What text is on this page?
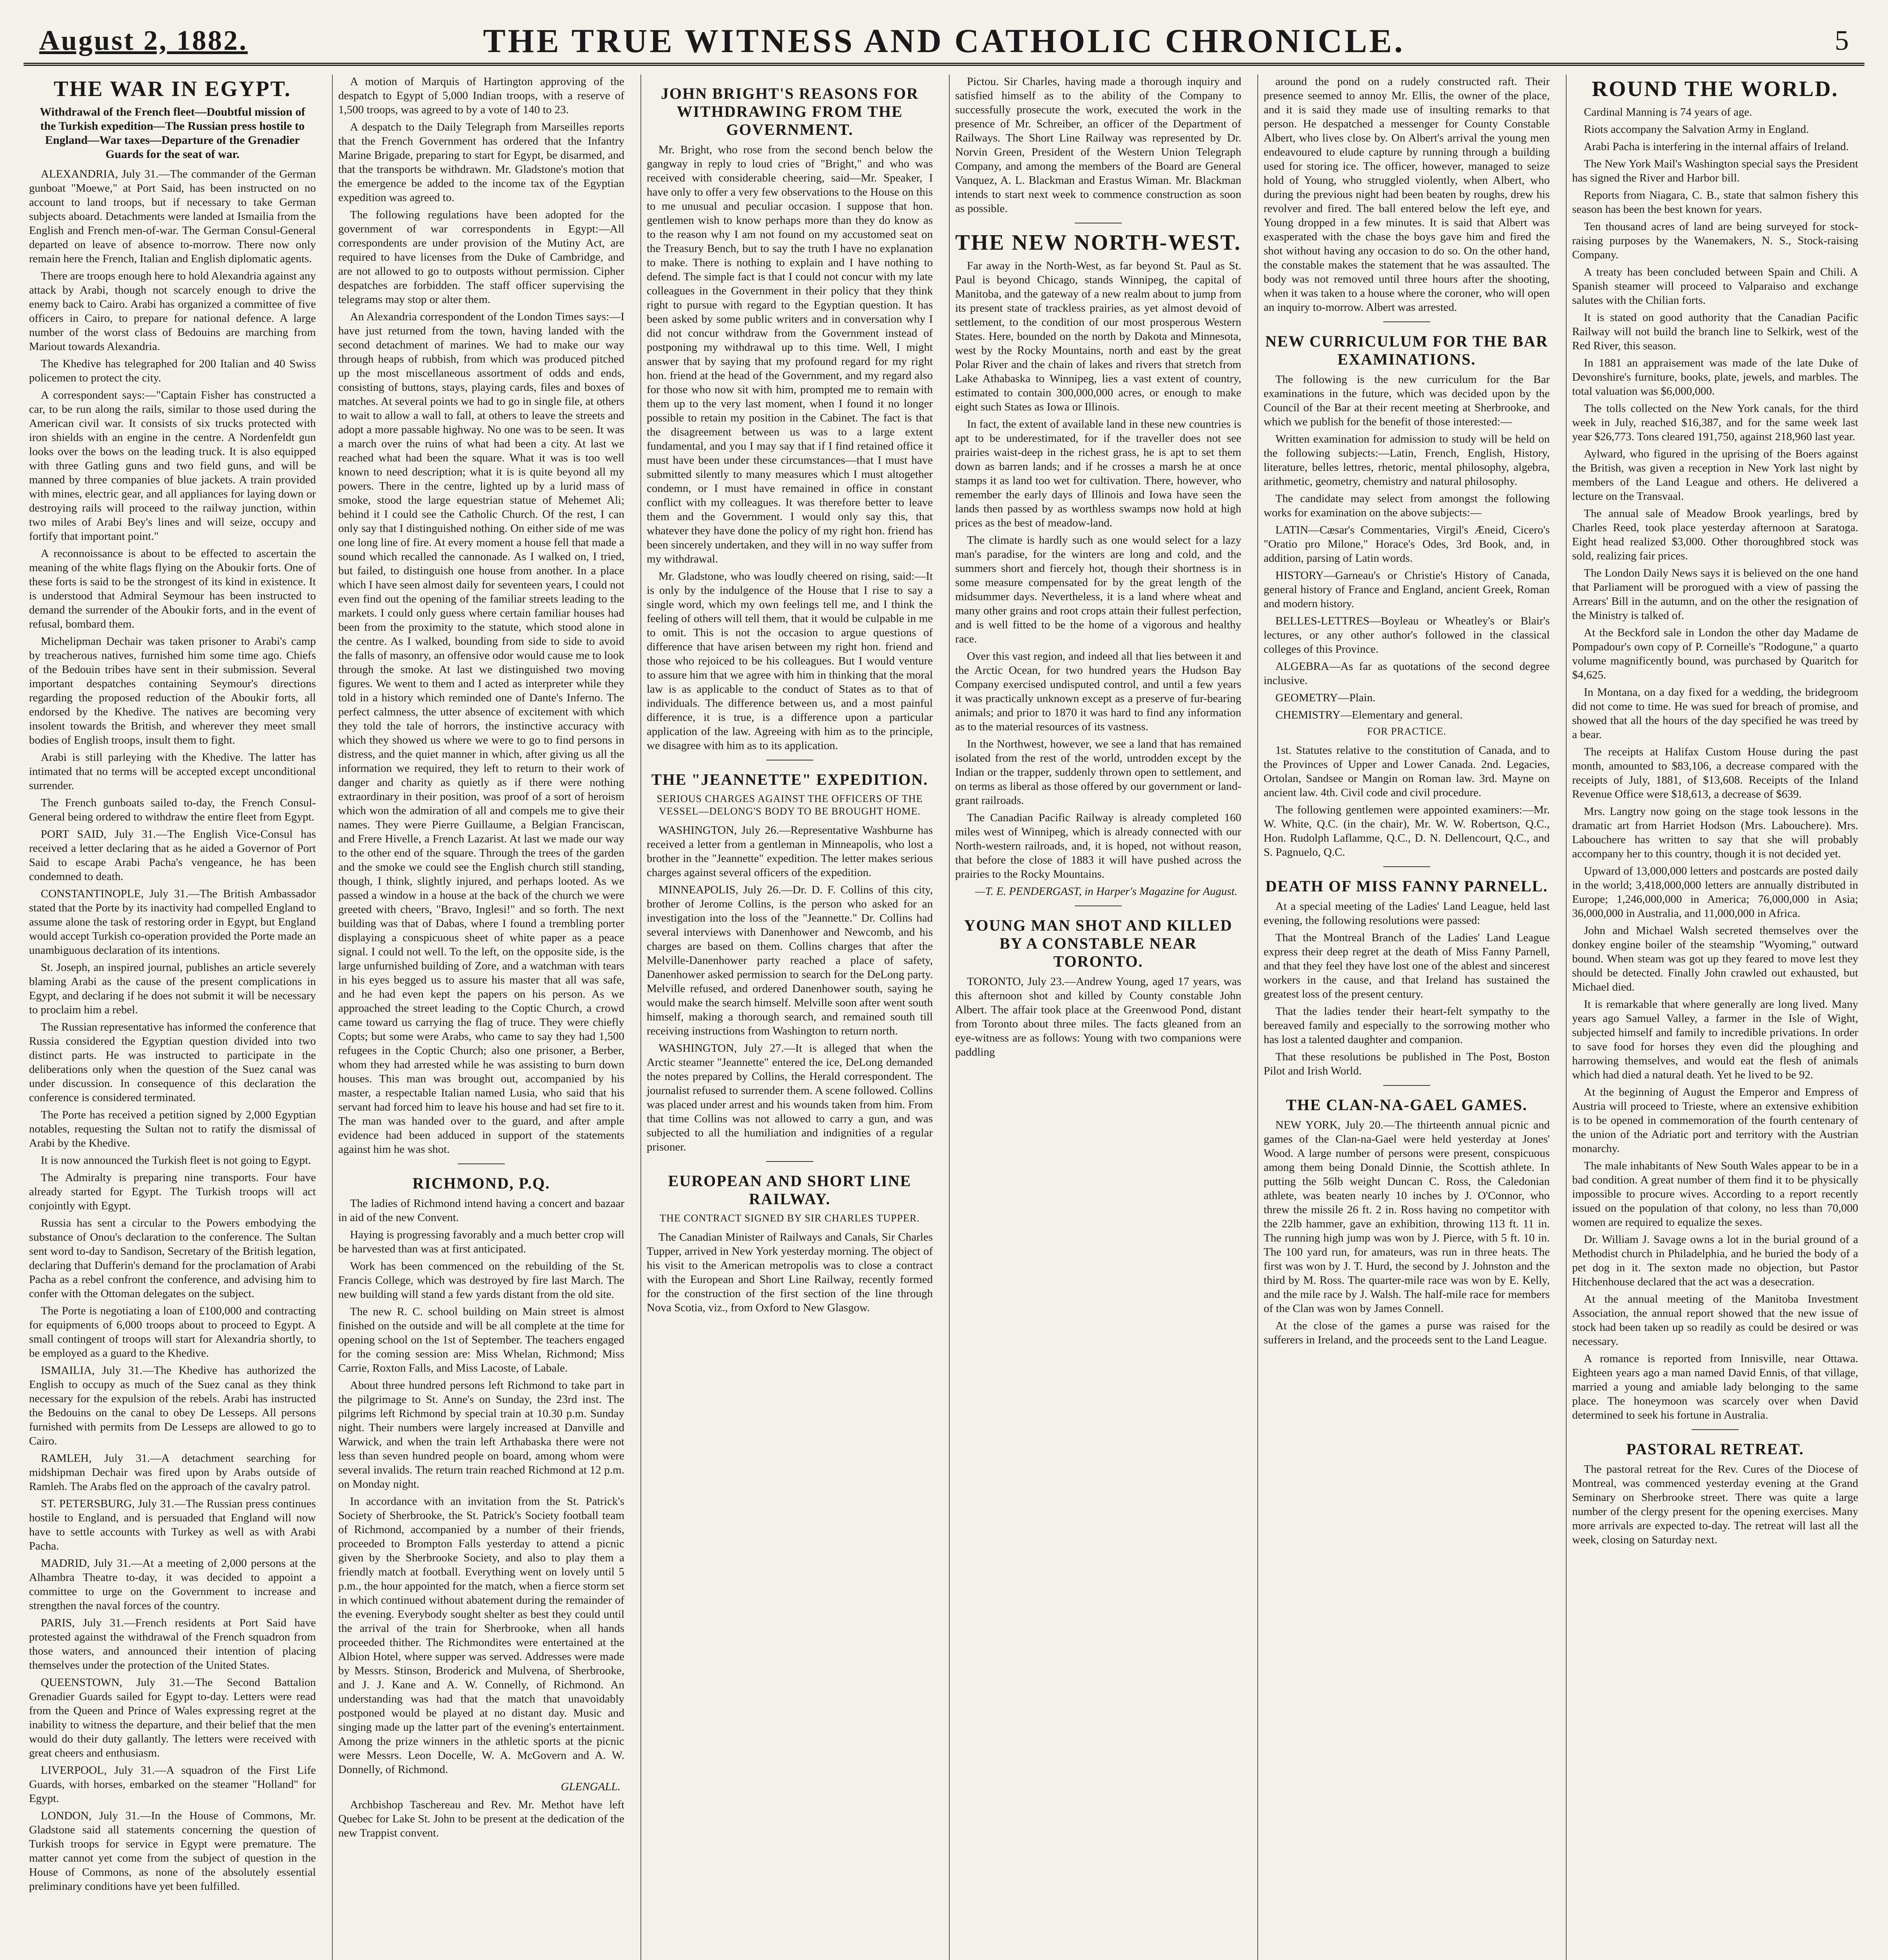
August 2, 1882.	THE TRUE WITNESS AND CATHOLIC CHRONICLE.	5
THE WAR IN EGYPT.
Withdrawal of the French fleet—Doubtful mission of the Turkish expedition—The Russian press hostile to England—War taxes—Departure of the Grenadier Guards for the seat of war.

ALEXANDRIA, July 31.—The commander of the German gunboat "Moewe," at Port Said, has been instructed on no account to land troops, but if necessary to take German subjects aboard. Detachments were landed at Ismailia from the English and French men-of-war. The German Consul-General departed on leave of absence to-morrow. There now only remain here the French, Italian and English diplomatic agents.

There are troops enough here to hold Alexandria against any attack by Arabi, though not scarcely enough to drive the enemy back to Cairo. Arabi has organized a committee of five officers in Cairo, to prepare for national defence. A large number of the worst class of Bedouins are marching from Mariout towards Alexandria.

The Khedive has telegraphed for 200 Italian and 40 Swiss policemen to protect the city.

A correspondent says:—"Captain Fisher has constructed a car, to be run along the rails, similar to those used during the American civil war. It consists of six trucks protected with iron shields with an engine in the centre. A Nordenfeldt gun looks over the bows on the leading truck. It is also equipped with three Gatling guns and two field guns, and will be manned by three companies of blue jackets. A train provided with mines, electric gear, and all appliances for laying down or destroying rails will proceed to the railway junction, within two miles of Arabi Bey's lines and will seize, occupy and fortify that important point."

A reconnoissance is about to be effected to ascertain the meaning of the white flags flying on the Aboukir forts. One of these forts is said to be the strongest of its kind in existence. It is understood that Admiral Seymour has been instructed to demand the surrender of the Aboukir forts, and in the event of refusal, bombard them.

Michelipman Dechair was taken prisoner to Arabi's camp by treacherous natives, furnished him some time ago. Chiefs of the Bedouin tribes have sent in their submission. Several important despatches containing Seymour's directions regarding the proposed reduction of the Aboukir forts, all endorsed by the Khedive. The natives are becoming very insolent towards the British, and wherever they meet small bodies of English troops, insult them to fight.

Arabi is still parleying with the Khedive. The latter has intimated that no terms will be accepted except unconditional surrender.

The French gunboats sailed to-day, the French Consul-General being ordered to withdraw the entire fleet from Egypt.

PORT SAID, July 31.—The English Vice-Consul has received a letter declaring that as he aided a Governor of Port Said to escape Arabi Pacha's vengeance, he has been condemned to death.

CONSTANTINOPLE, July 31.—The British Ambassador stated that the Porte by its inactivity had compelled England to assume alone the task of restoring order in Egypt, but England would accept Turkish co-operation provided the Porte made an unambiguous declaration of its intentions.

St. Joseph, an inspired journal, publishes an article severely blaming Arabi as the cause of the present complications in Egypt, and declaring if he does not submit it will be necessary to proclaim him a rebel.

The Russian representative has informed the conference that Russia considered the Egyptian question divided into two distinct parts. He was instructed to participate in the deliberations only when the question of the Suez canal was under discussion. In consequence of this declaration the conference is considered terminated.

The Porte has received a petition signed by 2,000 Egyptian notables, requesting the Sultan not to ratify the dismissal of Arabi by the Khedive.

It is now announced the Turkish fleet is not going to Egypt.

The Admiralty is preparing nine transports. Four have already started for Egypt. The Turkish troops will act conjointly with Egypt.

Russia has sent a circular to the Powers embodying the substance of Onou's declaration to the conference. The Sultan sent word to-day to Sandison, Secretary of the British legation, declaring that Dufferin's demand for the proclamation of Arabi Pacha as a rebel confront the conference, and advising him to confer with the Ottoman delegates on the subject.

The Porte is negotiating a loan of £100,000 and contracting for equipments of 6,000 troops about to proceed to Egypt. A small contingent of troops will start for Alexandria shortly, to be employed as a guard to the Khedive.

ISMAILIA, July 31.—The Khedive has authorized the English to occupy as much of the Suez canal as they think necessary for the expulsion of the rebels. Arabi has instructed the Bedouins on the canal to obey De Lesseps. All persons furnished with permits from De Lesseps are allowed to go to Cairo.

RAMLEH, July 31.—A detachment searching for midshipman Dechair was fired upon by Arabs outside of Ramleh. The Arabs fled on the approach of the cavalry patrol.

ST. PETERSBURG, July 31.—The Russian press continues hostile to England, and is persuaded that England will now have to settle accounts with Turkey as well as with Arabi Pacha.

MADRID, July 31.—At a meeting of 2,000 persons at the Alhambra Theatre to-day, it was decided to appoint a committee to urge on the Government to increase and strengthen the naval forces of the country.

PARIS, July 31.—French residents at Port Said have protested against the withdrawal of the French squadron from those waters, and announced their intention of placing themselves under the protection of the United States.

QUEENSTOWN, July 31.—The Second Battalion Grenadier Guards sailed for Egypt to-day. Letters were read from the Queen and Prince of Wales expressing regret at the inability to witness the departure, and their belief that the men would do their duty gallantly. The letters were received with great cheers and enthusiasm.

LIVERPOOL, July 31.—A squadron of the First Life Guards, with horses, embarked on the steamer "Holland" for Egypt.

LONDON, July 31.—In the House of Commons, Mr. Gladstone said all statements concerning the question of Turkish troops for service in Egypt were premature. The matter cannot yet come from the subject of question in the House of Commons, as none of the absolutely essential preliminary conditions have yet been fulfilled.

A motion of Marquis of Hartington approving of the despatch to Egypt of 5,000 Indian troops, with a reserve of 1,500 troops, was agreed to by a vote of 140 to 23.

A despatch to the Daily Telegraph from Marseilles reports that the French Government has ordered that the Infantry Marine Brigade, preparing to start for Egypt, be disarmed, and that the transports be withdrawn. Mr. Gladstone's motion that the emergence be added to the income tax of the Egyptian expedition was agreed to.

The following regulations have been adopted for the government of war correspondents in Egypt:—All correspondents are under provision of the Mutiny Act, are required to have licenses from the Duke of Cambridge, and are not allowed to go to outposts without permission. Cipher despatches are forbidden. The staff officer supervising the telegrams may stop or alter them.

An Alexandria correspondent of the London Times says:—I have just returned from the town, having landed with the second detachment of marines. We had to make our way through heaps of rubbish, from which was produced pitched up the most miscellaneous assortment of odds and ends, consisting of buttons, stays, playing cards, files and boxes of matches. At several points we had to go in single file, at others to wait to allow a wall to fall, at others to leave the streets and adopt a more passable highway. No one was to be seen. It was a march over the ruins of what had been a city. At last we reached what had been the square. What it was is too well known to need description; what it is is quite beyond all my powers. There in the centre, lighted up by a lurid mass of smoke, stood the large equestrian statue of Mehemet Ali; behind it I could see the Catholic Church. Of the rest, I can only say that I distinguished nothing. On either side of me was one long line of fire. At every moment a house fell that made a sound which recalled the cannonade. As I walked on, I tried, but failed, to distinguish one house from another. In a place which I have seen almost daily for seventeen years, I could not even find out the opening of the familiar streets leading to the markets. I could only guess where certain familiar houses had been from the proximity to the statute, which stood alone in the centre. As I walked, bounding from side to side to avoid the falls of masonry, an offensive odor would cause me to look through the smoke. At last we distinguished two moving figures. We went to them and I acted as interpreter while they told in a history which reminded one of Dante's Inferno. The perfect calmness, the utter absence of excitement with which they told the tale of horrors, the instinctive accuracy with which they showed us where we were to go to find persons in distress, and the quiet manner in which, after giving us all the information we required, they left to return to their work of danger and charity as quietly as if there were nothing extraordinary in their position, was proof of a sort of heroism which won the admiration of all and compels me to give their names. They were Pierre Guillaume, a Belgian Franciscan, and Frere Hivelle, a French Lazarist. At last we made our way to the other end of the square. Through the trees of the garden and the smoke we could see the English church still standing, though, I think, slightly injured, and perhaps looted. As we passed a window in a house at the back of the church we were greeted with cheers, "Bravo, Inglesi!" and so forth. The next building was that of Dabas, where I found a trembling porter displaying a conspicuous sheet of white paper as a peace signal. I could not well. To the left, on the opposite side, is the large unfurnished building of Zore, and a watchman with tears in his eyes begged us to assure his master that all was safe, and he had even kept the papers on his person. As we approached the street leading to the Coptic Church, a crowd came toward us carrying the flag of truce. They were chiefly Copts; but some were Arabs, who came to say they had 1,500 refugees in the Coptic Church; also one prisoner, a Berber, whom they had arrested while he was assisting to burn down houses. This man was brought out, accompanied by his master, a respectable Italian named Lusia, who said that his servant had forced him to leave his house and had set fire to it. The man was handed over to the guard, and after ample evidence had been adduced in support of the statements against him he was shot.

RICHMOND, P.Q.

The ladies of Richmond intend having a concert and bazaar in aid of the new Convent.

Haying is progressing favorably and a much better crop will be harvested than was at first anticipated.

Work has been commenced on the rebuilding of the St. Francis College, which was destroyed by fire last March. The new building will stand a few yards distant from the old site.

The new R. C. school building on Main street is almost finished on the outside and will be all complete at the time for opening school on the 1st of September. The teachers engaged for the coming session are: Miss Whelan, Richmond; Miss Carrie, Roxton Falls, and Miss Lacoste, of Labale.

About three hundred persons left Richmond to take part in the pilgrimage to St. Anne's on Sunday, the 23rd inst. The pilgrims left Richmond by special train at 10.30 p.m. Sunday night. Their numbers were largely increased at Danville and Warwick, and when the train left Arthabaska there were not less than seven hundred people on board, among whom were several invalids. The return train reached Richmond at 12 p.m. on Monday night.

In accordance with an invitation from the St. Patrick's Society of Sherbrooke, the St. Patrick's Society football team of Richmond, accompanied by a number of their friends, proceeded to Brompton Falls yesterday to attend a picnic given by the Sherbrooke Society, and also to play them a friendly match at football. Everything went on lovely until 5 p.m., the hour appointed for the match, when a fierce storm set in which continued without abatement during the remainder of the evening. Everybody sought shelter as best they could until the arrival of the train for Sherbrooke, when all hands proceeded thither. The Richmondites were entertained at the Albion Hotel, where supper was served. Addresses were made by Messrs. Stinson, Broderick and Mulvena, of Sherbrooke, and J. J. Kane and A. W. Connelly, of Richmond. An understanding was had that the match that unavoidably postponed would be played at no distant day. Music and singing made up the latter part of the evening's entertainment. Among the prize winners in the athletic sports at the picnic were Messrs. Leon Docelle, W. A. McGovern and A. W. Donnelly, of Richmond.

GLENGALL.

Archbishop Taschereau and Rev. Mr. Methot have left Quebec for Lake St. John to be present at the dedication of the new Trappist convent.

JOHN BRIGHT'S REASONS FOR WITHDRAWING FROM THE GOVERNMENT.

Mr. Bright, who rose from the second bench below the gangway in reply to loud cries of "Bright," and who was received with considerable cheering, said—Mr. Speaker, I have only to offer a very few observations to the House on this to me unusual and peculiar occasion. I suppose that hon. gentlemen wish to know perhaps more than they do know as to the reason why I am not found on my accustomed seat on the Treasury Bench, but to say the truth I have no explanation to make. There is nothing to explain and I have nothing to defend. The simple fact is that I could not concur with my late colleagues in the Government in their policy that they think right to pursue with regard to the Egyptian question. It has been asked by some public writers and in conversation why I did not concur withdraw from the Government instead of postponing my withdrawal up to this time. Well, I might answer that by saying that my profound regard for my right hon. friend at the head of the Government, and my regard also for those who now sit with him, prompted me to remain with them up to the very last moment, when I found it no longer possible to retain my position in the Cabinet. The fact is that the disagreement between us was to a large extent fundamental, and you I may say that if I find retained office it must have been under these circumstances—that I must have submitted silently to many measures which I must altogether condemn, or I must have remained in office in constant conflict with my colleagues. It was therefore better to leave them and the Government. I would only say this, that whatever they have done the policy of my right hon. friend has been sincerely undertaken, and they will in no way suffer from my withdrawal.

Mr. Gladstone, who was loudly cheered on rising, said:—It is only by the indulgence of the House that I rise to say a single word, which my own feelings tell me, and I think the feeling of others will tell them, that it would be culpable in me to omit. This is not the occasion to argue questions of difference that have arisen between my right hon. friend and those who rejoiced to be his colleagues. But I would venture to assure him that we agree with him in thinking that the moral law is as applicable to the conduct of States as to that of individuals. The difference between us, and a most painful difference, it is true, is a difference upon a particular application of the law. Agreeing with him as to the principle, we disagree with him as to its application.

THE "JEANNETTE" EXPEDITION.
SERIOUS CHARGES AGAINST THE OFFICERS OF THE VESSEL—DELONG'S BODY TO BE BROUGHT HOME.

WASHINGTON, July 26.—Representative Washburne has received a letter from a gentleman in Minneapolis, who lost a brother in the "Jeannette" expedition. The letter makes serious charges against several officers of the expedition.

MINNEAPOLIS, July 26.—Dr. D. F. Collins of this city, brother of Jerome Collins, is the person who asked for an investigation into the loss of the "Jeannette." Dr. Collins had several interviews with Danenhower and Newcomb, and his charges are based on them. Collins charges that after the Melville-Danenhower party reached a place of safety, Danenhower asked permission to search for the DeLong party. Melville refused, and ordered Danenhower south, saying he would make the search himself. Melville soon after went south himself, making a thorough search, and remained south till receiving instructions from Washington to return north.

WASHINGTON, July 27.—It is alleged that when the Arctic steamer "Jeannette" entered the ice, DeLong demanded the notes prepared by Collins, the Herald correspondent. The journalist refused to surrender them. A scene followed. Collins was placed under arrest and his wounds taken from him. From that time Collins was not allowed to carry a gun, and was subjected to all the humiliation and indignities of a regular prisoner.

EUROPEAN AND SHORT LINE RAILWAY.
THE CONTRACT SIGNED BY SIR CHARLES TUPPER.

The Canadian Minister of Railways and Canals, Sir Charles Tupper, arrived in New York yesterday morning. The object of his visit to the American metropolis was to close a contract with the European and Short Line Railway, recently formed for the construction of the first section of the line through Nova Scotia, viz., from Oxford to New Glasgow.

Pictou. Sir Charles, having made a thorough inquiry and satisfied himself as to the ability of the Company to successfully prosecute the work, executed the work in the presence of Mr. Schreiber, an officer of the Department of Railways. The Short Line Railway was represented by Dr. Norvin Green, President of the Western Union Telegraph Company, and among the members of the Board are General Vanquez, A. L. Blackman and Erastus Wiman. Mr. Blackman intends to start next week to commence construction as soon as possible.

THE NEW NORTH-WEST.

Far away in the North-West, as far beyond St. Paul as St. Paul is beyond Chicago, stands Winnipeg, the capital of Manitoba, and the gateway of a new realm about to jump from its present state of trackless prairies, as yet almost devoid of settlement, to the condition of our most prosperous Western States. Here, bounded on the north by Dakota and Minnesota, west by the Rocky Mountains, north and east by the great Polar River and the chain of lakes and rivers that stretch from Lake Athabaska to Winnipeg, lies a vast extent of country, estimated to contain 300,000,000 acres, or enough to make eight such States as Iowa or Illinois.

In fact, the extent of available land in these new countries is apt to be underestimated, for if the traveller does not see prairies waist-deep in the richest grass, he is apt to set them down as barren lands; and if he crosses a marsh he at once stamps it as land too wet for cultivation. There, however, who remember the early days of Illinois and Iowa have seen the lands then passed by as worthless swamps now hold at high prices as the best of meadow-land.

The climate is hardly such as one would select for a lazy man's paradise, for the winters are long and cold, and the summers short and fiercely hot, though their shortness is in some measure compensated for by the great length of the midsummer days. Nevertheless, it is a land where wheat and many other grains and root crops attain their fullest perfection, and is well fitted to be the home of a vigorous and healthy race.

Over this vast region, and indeed all that lies between it and the Arctic Ocean, for two hundred years the Hudson Bay Company exercised undisputed control, and until a few years it was practically unknown except as a preserve of fur-bearing animals; and prior to 1870 it was hard to find any information as to the material resources of its vastness.

In the Northwest, however, we see a land that has remained isolated from the rest of the world, untrodden except by the Indian or the trapper, suddenly thrown open to settlement, and on terms as liberal as those offered by our government or land-grant railroads.

The Canadian Pacific Railway is already completed 160 miles west of Winnipeg, which is already connected with our North-western railroads, and, it is hoped, not without reason, that before the close of 1883 it will have pushed across the prairies to the Rocky Mountains.

—T. E. PENDERGAST, in Harper's Magazine for August.
YOUNG MAN SHOT AND KILLED BY A CONSTABLE NEAR TORONTO.

TORONTO, July 23.—Andrew Young, aged 17 years, was this afternoon shot and killed by County constable John Albert. The affair took place at the Greenwood Pond, distant from Toronto about three miles. The facts gleaned from an eye-witness are as follows: Young with two companions were paddling

around the pond on a rudely constructed raft. Their presence seemed to annoy Mr. Ellis, the owner of the place, and it is said they made use of insulting remarks to that person. He despatched a messenger for County Constable Albert, who lives close by. On Albert's arrival the young men endeavoured to elude capture by running through a building used for storing ice. The officer, however, managed to seize hold of Young, who struggled violently, when Albert, who during the previous night had been beaten by roughs, drew his revolver and fired. The ball entered below the left eye, and Young dropped in a few minutes. It is said that Albert was exasperated with the chase the boys gave him and fired the shot without having any occasion to do so. On the other hand, the constable makes the statement that he was assaulted. The body was not removed until three hours after the shooting, when it was taken to a house where the coroner, who will open an inquiry to-morrow. Albert was arrested.

NEW CURRICULUM FOR THE BAR EXAMINATIONS.

The following is the new curriculum for the Bar examinations in the future, which was decided upon by the Council of the Bar at their recent meeting at Sherbrooke, and which we publish for the benefit of those interested:—

Written examination for admission to study will be held on the following subjects:—Latin, French, English, History, literature, belles lettres, rhetoric, mental philosophy, algebra, arithmetic, geometry, chemistry and natural philosophy.

The candidate may select from amongst the following works for examination on the above subjects:—

LATIN—Cæsar's Commentaries, Virgil's Æneid, Cicero's "Oratio pro Milone," Horace's Odes, 3rd Book, and, in addition, parsing of Latin words.

HISTORY—Garneau's or Christie's History of Canada, general history of France and England, ancient Greek, Roman and modern history.

BELLES-LETTRES—Boyleau or Wheatley's or Blair's lectures, or any other author's followed in the classical colleges of this Province.

ALGEBRA—As far as quotations of the second degree inclusive.

GEOMETRY—Plain.

CHEMISTRY—Elementary and general.

FOR PRACTICE.

1st. Statutes relative to the constitution of Canada, and to the Provinces of Upper and Lower Canada. 2nd. Legacies, Ortolan, Sandsee or Mangin on Roman law. 3rd. Mayne on ancient law. 4th. Civil code and civil procedure.

The following gentlemen were appointed examiners:—Mr. W. White, Q.C. (in the chair), Mr. W. W. Robertson, Q.C., Hon. Rudolph Laflamme, Q.C., D. N. Dellencourt, Q.C., and S. Pagnuelo, Q.C.

DEATH OF MISS FANNY PARNELL.

At a special meeting of the Ladies' Land League, held last evening, the following resolutions were passed:

That the Montreal Branch of the Ladies' Land League express their deep regret at the death of Miss Fanny Parnell, and that they feel they have lost one of the ablest and sincerest workers in the cause, and that Ireland has sustained the greatest loss of the present century.

That the ladies tender their heart-felt sympathy to the bereaved family and especially to the sorrowing mother who has lost a talented daughter and companion.

That these resolutions be published in The Post, Boston Pilot and Irish World.

THE CLAN-NA-GAEL GAMES.

NEW YORK, July 20.—The thirteenth annual picnic and games of the Clan-na-Gael were held yesterday at Jones' Wood. A large number of persons were present, conspicuous among them being Donald Dinnie, the Scottish athlete. In putting the 56lb weight Duncan C. Ross, the Caledonian athlete, was beaten nearly 10 inches by J. O'Connor, who threw the missile 26 ft. 2 in. Ross having no competitor with the 22lb hammer, gave an exhibition, throwing 113 ft. 11 in. The running high jump was won by J. Pierce, with 5 ft. 10 in. The 100 yard run, for amateurs, was run in three heats. The first was won by J. T. Hurd, the second by J. Johnston and the third by M. Ross. The quarter-mile race was won by E. Kelly, and the mile race by J. Walsh. The half-mile race for members of the Clan was won by James Connell.

At the close of the games a purse was raised for the sufferers in Ireland, and the proceeds sent to the Land League.

ROUND THE WORLD.

Cardinal Manning is 74 years of age.

Riots accompany the Salvation Army in England.

Arabi Pacha is interfering in the internal affairs of Ireland.

The New York Mail's Washington special says the President has signed the River and Harbor bill.

Reports from Niagara, C. B., state that salmon fishery this season has been the best known for years.

Ten thousand acres of land are being surveyed for stock-raising purposes by the Wanemakers, N. S., Stock-raising Company.

A treaty has been concluded between Spain and Chili. A Spanish steamer will proceed to Valparaiso and exchange salutes with the Chilian forts.

It is stated on good authority that the Canadian Pacific Railway will not build the branch line to Selkirk, west of the Red River, this season.

In 1881 an appraisement was made of the late Duke of Devonshire's furniture, books, plate, jewels, and marbles. The total valuation was $6,000,000.

The tolls collected on the New York canals, for the third week in July, reached $16,387, and for the same week last year $26,773. Tons cleared 191,750, against 218,960 last year.

Aylward, who figured in the uprising of the Boers against the British, was given a reception in New York last night by members of the Land League and others. He delivered a lecture on the Transvaal.

The annual sale of Meadow Brook yearlings, bred by Charles Reed, took place yesterday afternoon at Saratoga. Eight head realized $3,000. Other thoroughbred stock was sold, realizing fair prices.

The London Daily News says it is believed on the one hand that Parliament will be prorogued with a view of passing the Arrears' Bill in the autumn, and on the other the resignation of the Ministry is talked of.

At the Beckford sale in London the other day Madame de Pompadour's own copy of P. Corneille's "Rodogune," a quarto volume magnificently bound, was purchased by Quaritch for $4,625.

In Montana, on a day fixed for a wedding, the bridegroom did not come to time. He was sued for breach of promise, and showed that all the hours of the day specified he was treed by a bear.

The receipts at Halifax Custom House during the past month, amounted to $83,106, a decrease compared with the receipts of July, 1881, of $13,608. Receipts of the Inland Revenue Office were $18,613, a decrease of $639.

Mrs. Langtry now going on the stage took lessons in the dramatic art from Harriet Hodson (Mrs. Labouchere). Mrs. Labouchere has written to say that she will probably accompany her to this country, though it is not decided yet.

Upward of 13,000,000 letters and postcards are posted daily in the world; 3,418,000,000 letters are annually distributed in Europe; 1,246,000,000 in America; 76,000,000 in Asia; 36,000,000 in Australia, and 11,000,000 in Africa.

John and Michael Walsh secreted themselves over the donkey engine boiler of the steamship "Wyoming," outward bound. When steam was got up they feared to move lest they should be detected. Finally John crawled out exhausted, but Michael died.

It is remarkable that where generally are long lived. Many years ago Samuel Valley, a farmer in the Isle of Wight, subjected himself and family to incredible privations. In order to save food for horses they even did the ploughing and harrowing themselves, and would eat the flesh of animals which had died a natural death. Yet he lived to be 92.

At the beginning of August the Emperor and Empress of Austria will proceed to Trieste, where an extensive exhibition is to be opened in commemoration of the fourth centenary of the union of the Adriatic port and territory with the Austrian monarchy.

The male inhabitants of New South Wales appear to be in a bad condition. A great number of them find it to be physically impossible to procure wives. According to a report recently issued on the population of that colony, no less than 70,000 women are required to equalize the sexes.

Dr. William J. Savage owns a lot in the burial ground of a Methodist church in Philadelphia, and he buried the body of a pet dog in it. The sexton made no objection, but Pastor Hitchenhouse declared that the act was a desecration.

At the annual meeting of the Manitoba Investment Association, the annual report showed that the new issue of stock had been taken up so readily as could be desired or was necessary.

A romance is reported from Innisville, near Ottawa. Eighteen years ago a man named David Ennis, of that village, married a young and amiable lady belonging to the same place. The honeymoon was scarcely over when David determined to seek his fortune in Australia.

PASTORAL RETREAT.

The pastoral retreat for the Rev. Cures of the Diocese of Montreal, was commenced yesterday evening at the Grand Seminary on Sherbrooke street. There was quite a large number of the clergy present for the opening exercises. Many more arrivals are expected to-day. The retreat will last all the week, closing on Saturday next.
